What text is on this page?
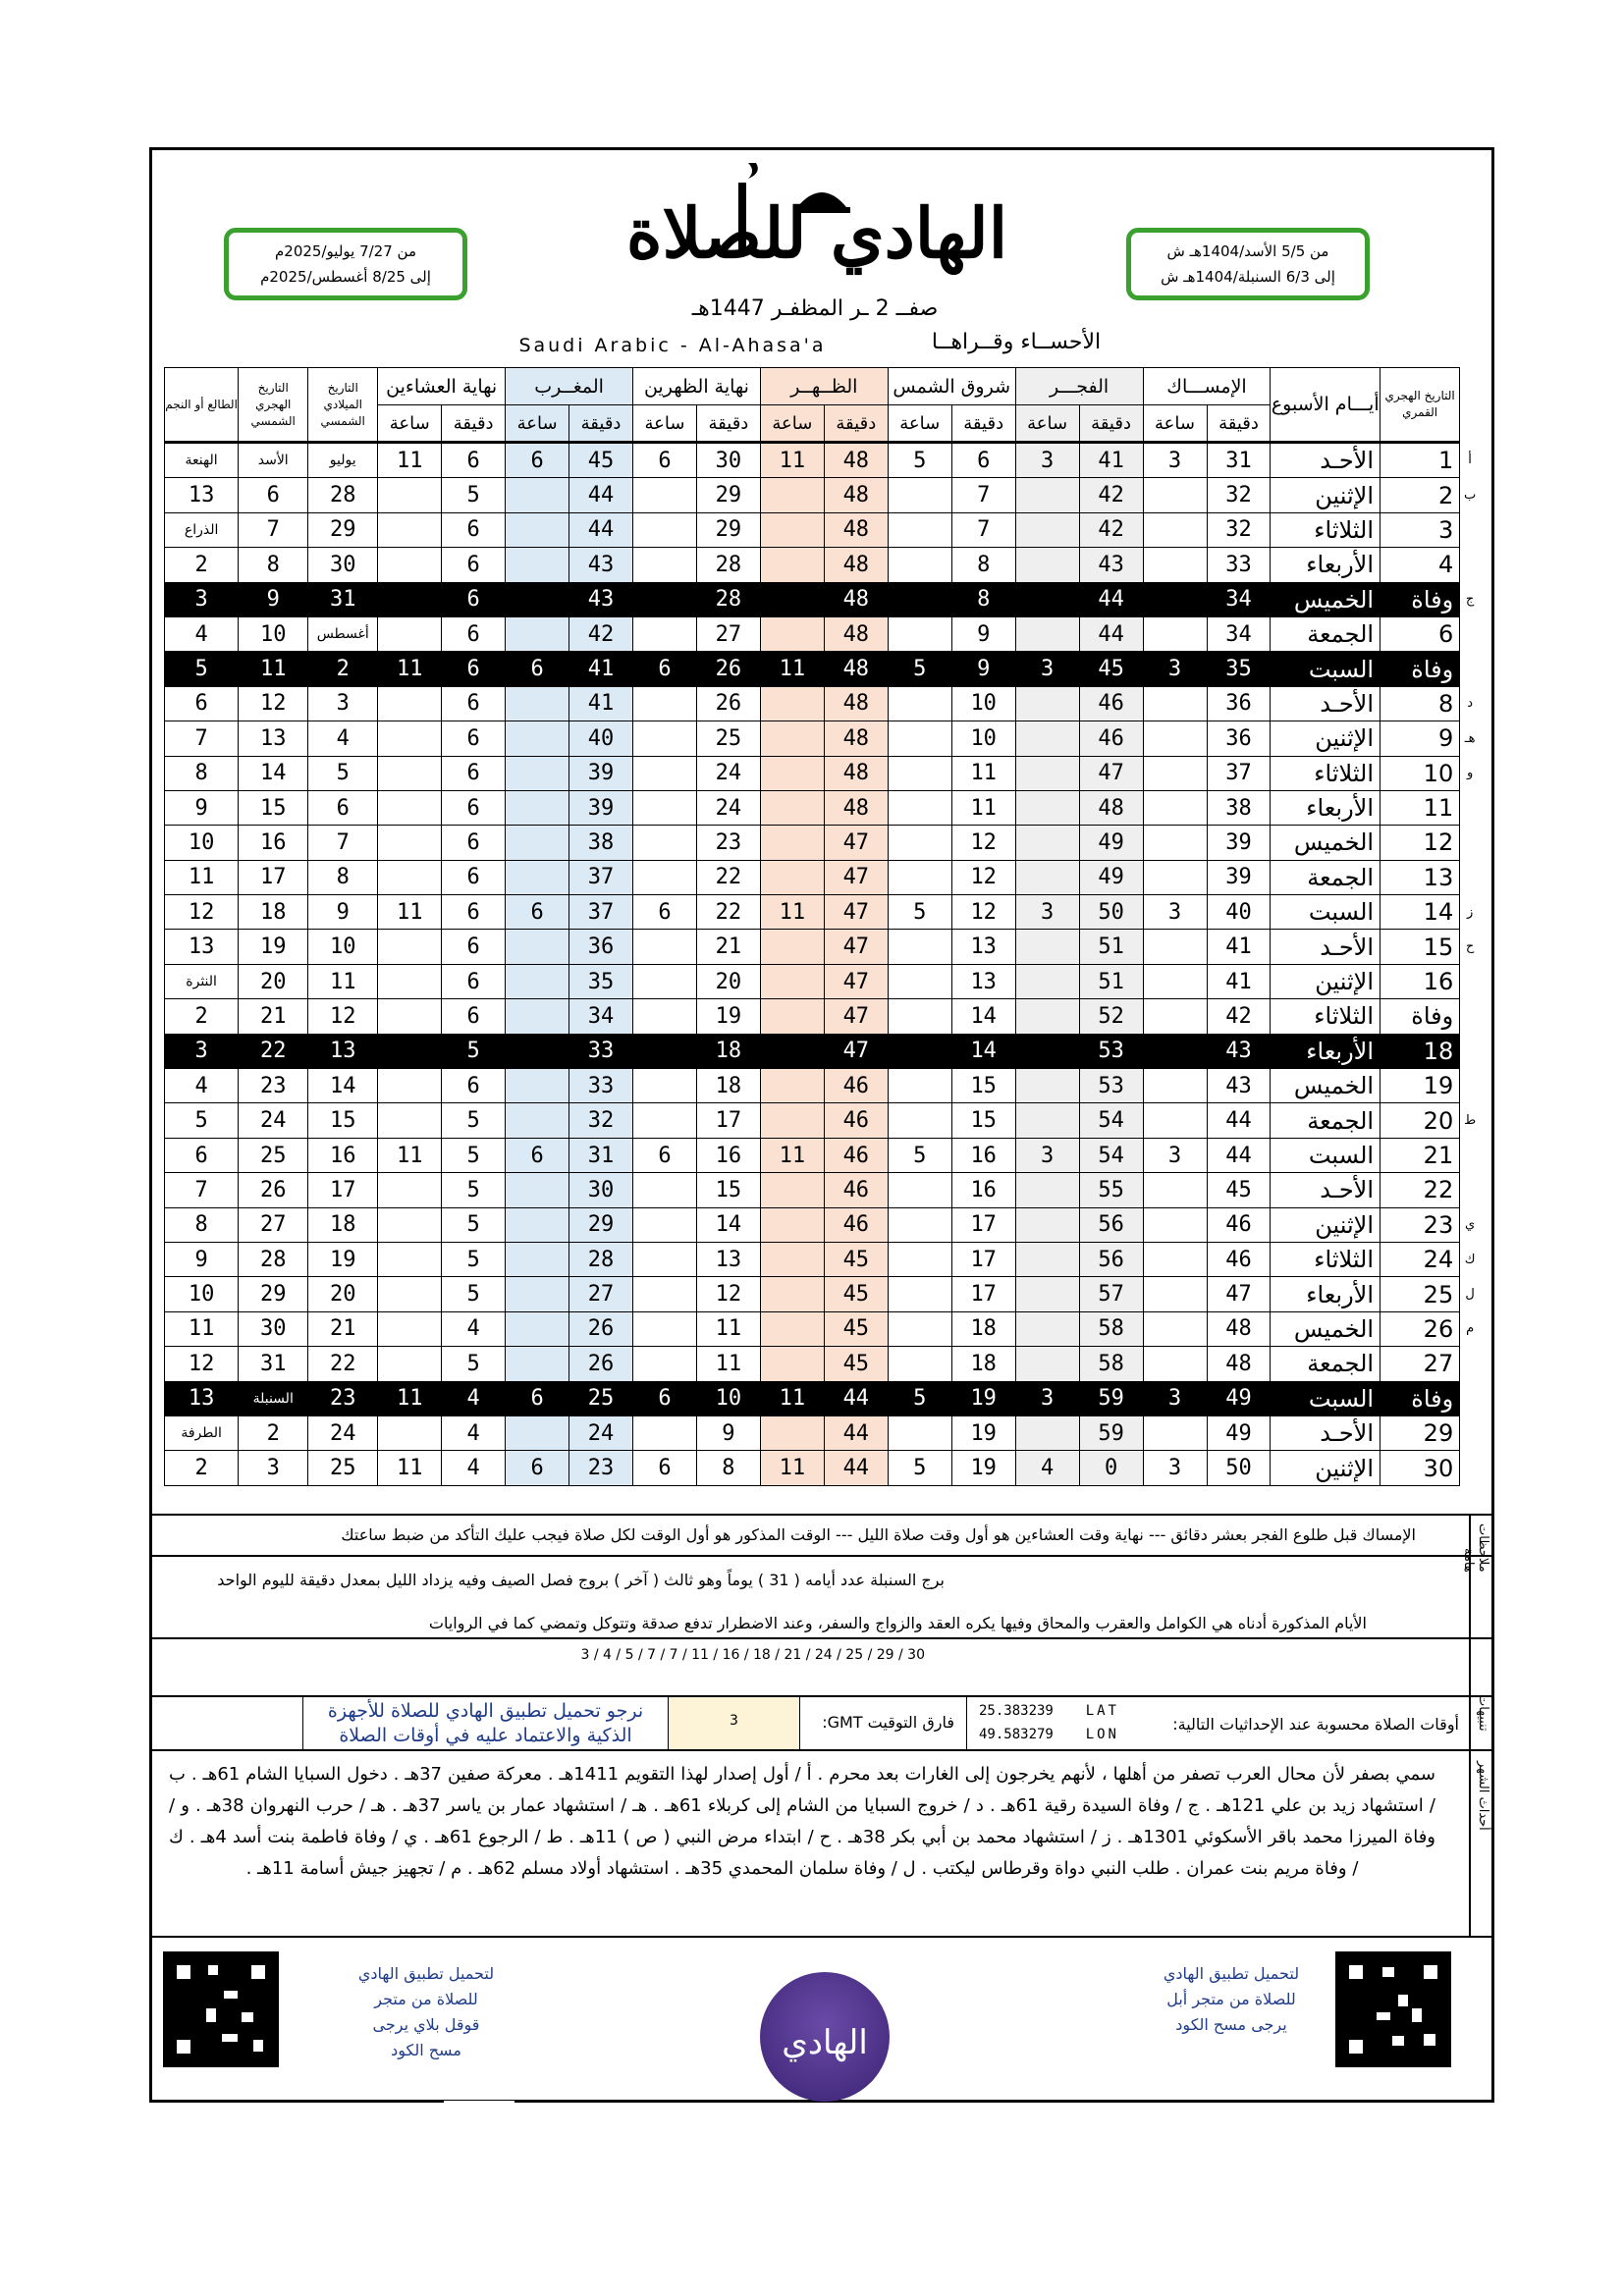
الهادي للصلاة
من 7/27 يوليو/2025م
إلى 8/25 أغسطس/2025م
من 5/5 الأسد/1404هـ ش
إلى 6/3 السنبلة/1404هـ ش
صفــ 2 ـر المظفـر 1447هـ
Saudi Arabic - Al-Ahasa'a	الأحســاء وقــراهــا
	التاريخ الهجري القمري	أيـــام الأسبوع	الإمســـاك		الفجـــر		شروق الشمس		الظــهــر		نهاية الظهرين		المغــرب		نهاية العشاءين		التاريخ الميلادي الشمسي	التاريخ الهجري الشمسي	الطالع أو النجم
			دقيقة	ساعة	دقيقة	ساعة	دقيقة	ساعة	دقيقة	ساعة	دقيقة	ساعة	دقيقة	ساعة	دقيقة	ساعة			
أ	1	الأحـد	31	3	41	3	6	5	48	11	30	6	45	6	6	11	يوليو	الأسد	الهنعة
ب	2	الإثنين	32		42		7		48		29		44		5		28	6	13
	3	الثلاثاء	32		42		7		48		29		44		6		29	7	الذراع
	4	الأربعاء	33		43		8		48		28		43		6		30	8	2
ج	وفاة	الخميس	34		44		8		48		28		43		6		31	9	3
	6	الجمعة	34		44		9		48		27		42		6		أغسطس	10	4
	وفاة	السبت	35	3	45	3	9	5	48	11	26	6	41	6	6	11	2	11	5
د	8	الأحـد	36		46		10		48		26		41		6		3	12	6
هـ	9	الإثنين	36		46		10		48		25		40		6		4	13	7
و	10	الثلاثاء	37		47		11		48		24		39		6		5	14	8
	11	الأربعاء	38		48		11		48		24		39		6		6	15	9
	12	الخميس	39		49		12		47		23		38		6		7	16	10
	13	الجمعة	39		49		12		47		22		37		6		8	17	11
ز	14	السبت	40	3	50	3	12	5	47	11	22	6	37	6	6	11	9	18	12
ح	15	الأحـد	41		51		13		47		21		36		6		10	19	13
	16	الإثنين	41		51		13		47		20		35		6		11	20	النثرة
	وفاة	الثلاثاء	42		52		14		47		19		34		6		12	21	2
	18	الأربعاء	43		53		14		47		18		33		5		13	22	3
	19	الخميس	43		53		15		46		18		33		6		14	23	4
ط	20	الجمعة	44		54		15		46		17		32		5		15	24	5
	21	السبت	44	3	54	3	16	5	46	11	16	6	31	6	5	11	16	25	6
	22	الأحـد	45		55		16		46		15		30		5		17	26	7
ي	23	الإثنين	46		56		17		46		14		29		5		18	27	8
ك	24	الثلاثاء	46		56		17		45		13		28		5		19	28	9
ل	25	الأربعاء	47		57		17		45		12		27		5		20	29	10
م	26	الخميس	48		58		18		45		11		26		4		21	30	11
	27	الجمعة	48		58		18		45		11		26		5		22	31	12
	وفاة	السبت	49	3	59	3	19	5	44	11	10	6	25	6	4	11	23	السنبلة	13
	29	الأحـد	49		59		19		44		9		24		4		24	2	الطرفة
	30	الإثنين	50	3	0	4	19	5	44	11	8	6	23	6	4	11	25	3	2
الإمساك قبل طلوع الفجر بعشر دقائق --- نهاية وقت العشاءين هو أول وقت صلاة الليل --- الوقت المذكور هو أول الوقت لكل صلاة فيجب عليك التأكد من ضبط ساعتك
برج السنبلة عدد أيامه ( 31 ) يوماً وهو ثالث ( آخر ) بروج فصل الصيف وفيه يزداد الليل بمعدل دقيقة لليوم الواحد
الأيام المذكورة أدناه هي الكوامل والعقرب والمحاق وفيها يكره العقد والزواج والسفر، وعند الاضطرار تدفع صدقة وتتوكل وتمضي كما في الروايات
3 / 4 / 5 / 7 / 7 / 11 / 16 / 18 / 21 / 24 / 25 / 29 / 30
ملاحظات هامة
تنبيهات
أوقات الصلاة محسوبة عند الإحداثيات التالية:
25.383239 LAT
49.583279 LON
فارق التوقيت GMT:
3
نرجو تحميل تطبيق الهادي للصلاة للأجهزة
الذكية والاعتماد عليه في أوقات الصلاة
سمي بصفر لأن محال العرب تصفر من أهلها ، لأنهم يخرجون إلى الغارات بعد محرم . أ / أول إصدار لهذا التقويم 1411هـ . معركة صفين 37هـ . دخول السبايا الشام 61هـ . ب / استشهاد زيد بن علي 121هـ . ج / وفاة السيدة رقية 61هـ . د / خروج السبايا من الشام إلى كربلاء 61هـ . هـ / استشهاد عمار بن ياسر 37هـ . هـ / حرب النهروان 38هـ . و / وفاة الميرزا محمد باقر الأسكوئي 1301هـ . ز / استشهاد محمد بن أبي بكر 38هـ . ح / ابتداء مرض النبي ( ص ) 11هـ . ط / الرجوع 61هـ . ي / وفاة فاطمة بنت أسد 4هـ . ك / وفاة مريم بنت عمران . طلب النبي دواة وقرطاس ليكتب . ل / وفاة سلمان المحمدي 35هـ . استشهاد أولاد مسلم 62هـ . م / تجهيز جيش أسامة 11هـ .
أحداث الشهر
لتحميل تطبيق الهادي للصلاة من متجر قوقل بلاي يرجى مسح الكود	الهادي
لتحميل تطبيق الهادي للصلاة من متجر أبل يرجى مسح الكود
